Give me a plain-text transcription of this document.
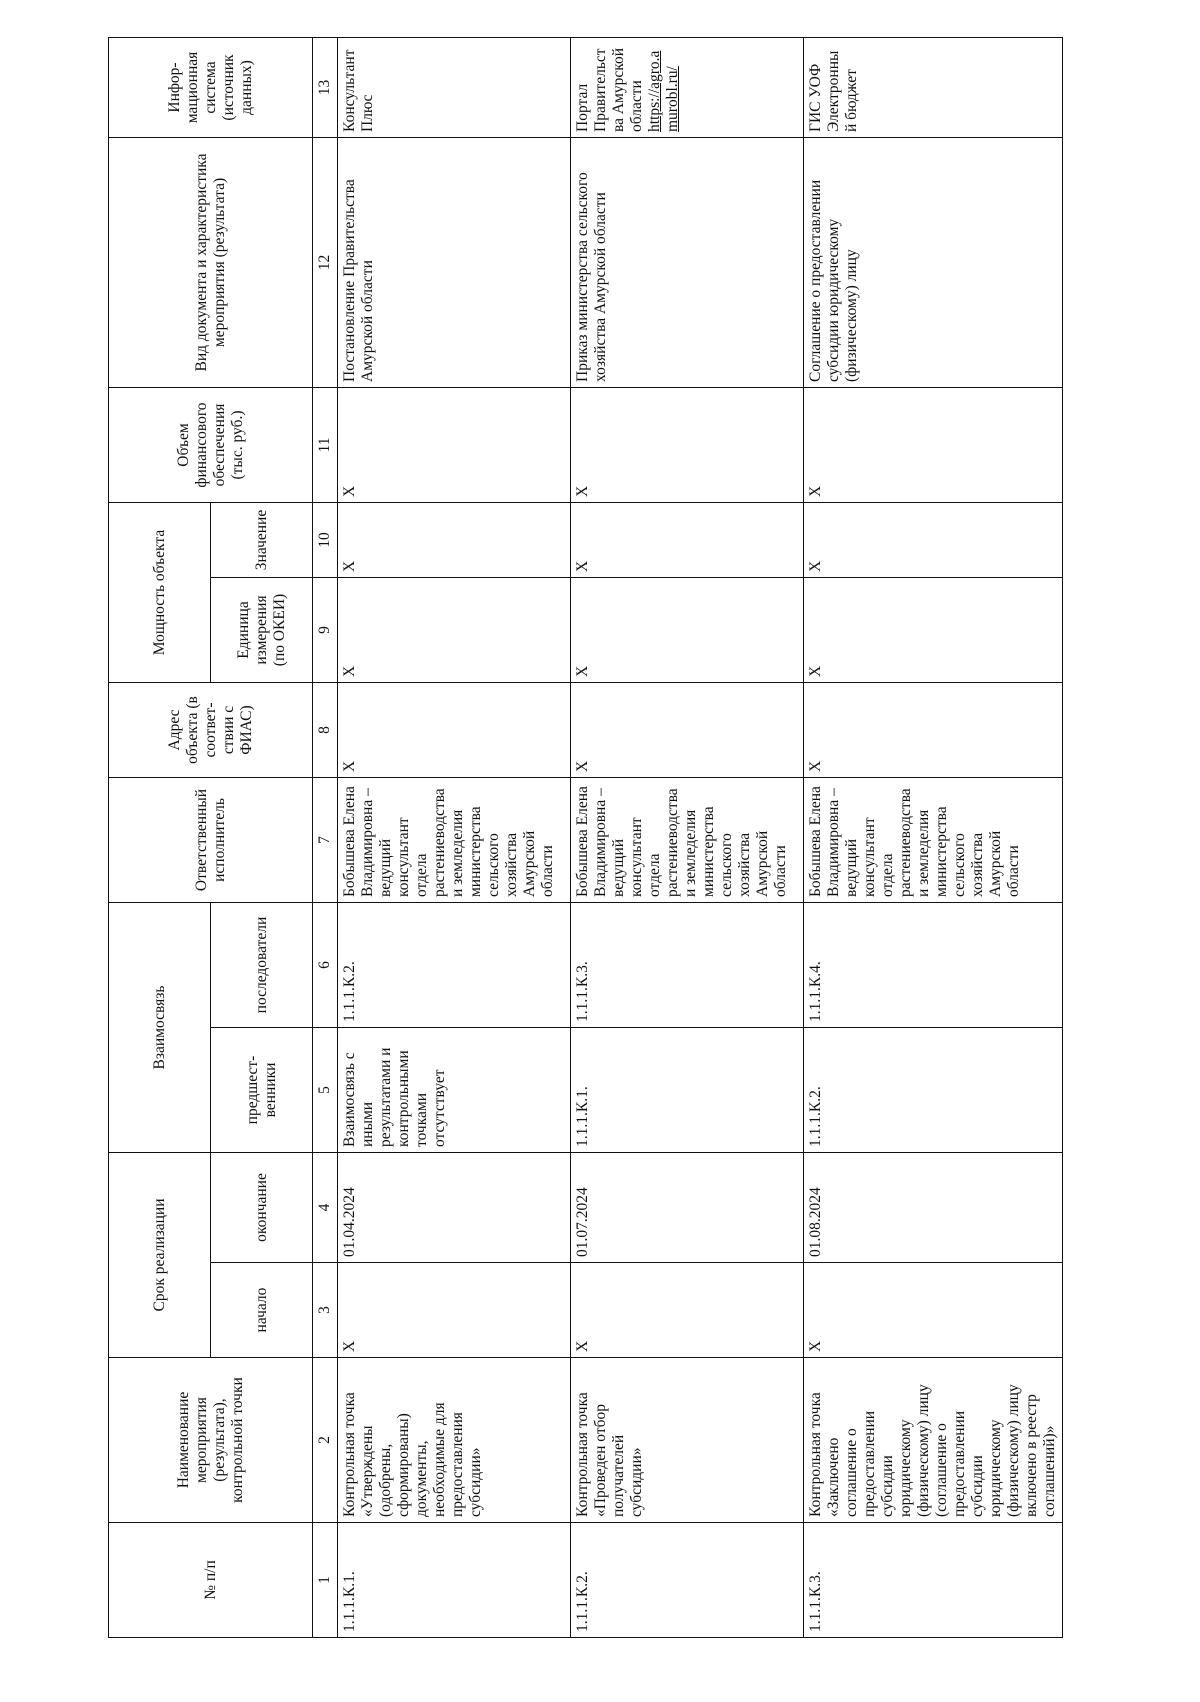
№ п/п	Наименование мероприятия (результата), контрольной точки	Срок реализации		Взаимосвязь		Ответственный исполнитель	Адрес объекта (в соответ-ствии с ФИАС)	Мощность объекта		Объем финансового обеспечения (тыс. руб.)	Вид документа и характеристика мероприятия (результата)	Инфор-мационная система (источник данных)
		начало	окончание	предшест-венники	последователи			Единица измерения (по ОКЕИ)	Значение			
1	2	3	4	5	6	7	8	9	10	11	12	13
1.1.1.К.1.	Контрольная точка «Утверждены (одобрены, сформированы) документы, необходимые для предоставления субсидии»	X	01.04.2024	Взаимосвязь с иными результатами и контрольными точками отсутствует	1.1.1.К.2.	Бобышева Елена Владимировна – ведущий консультант отдела растениеводства и земледелия министерства сельского хозяйства Амурской области	X	X	X	X	Постановление Правительства Амурской области	Консультант Плюс
1.1.1.К.2.	Контрольная точка «Проведен отбор получателей субсидии»	X	01.07.2024	1.1.1.К.1.	1.1.1.К.3.	Бобышева Елена Владимировна – ведущий консультант отдела растениеводства и земледелия министерства сельского хозяйства Амурской области	X	X	X	X	Приказ министерства сельского хозяйства Амурской области	Портал Правительства Амурской области https://agro.amurobl.ru/
1.1.1.К.3.	Контрольная точка «Заключено соглашение о предоставлении субсидии юридическому (физическому) лицу (соглашение о предоставлении субсидии юридическому (физическому) лицу включено в реестр соглашений)»	X	01.08.2024	1.1.1.К.2.	1.1.1.К.4.	Бобышева Елена Владимировна – ведущий консультант отдела растениеводства и земледелия министерства сельского хозяйства Амурской области	X	X	X	X	Соглашение о предоставлении субсидии юридическому (физическому) лицу	ГИС УОФ Электронный бюджет
